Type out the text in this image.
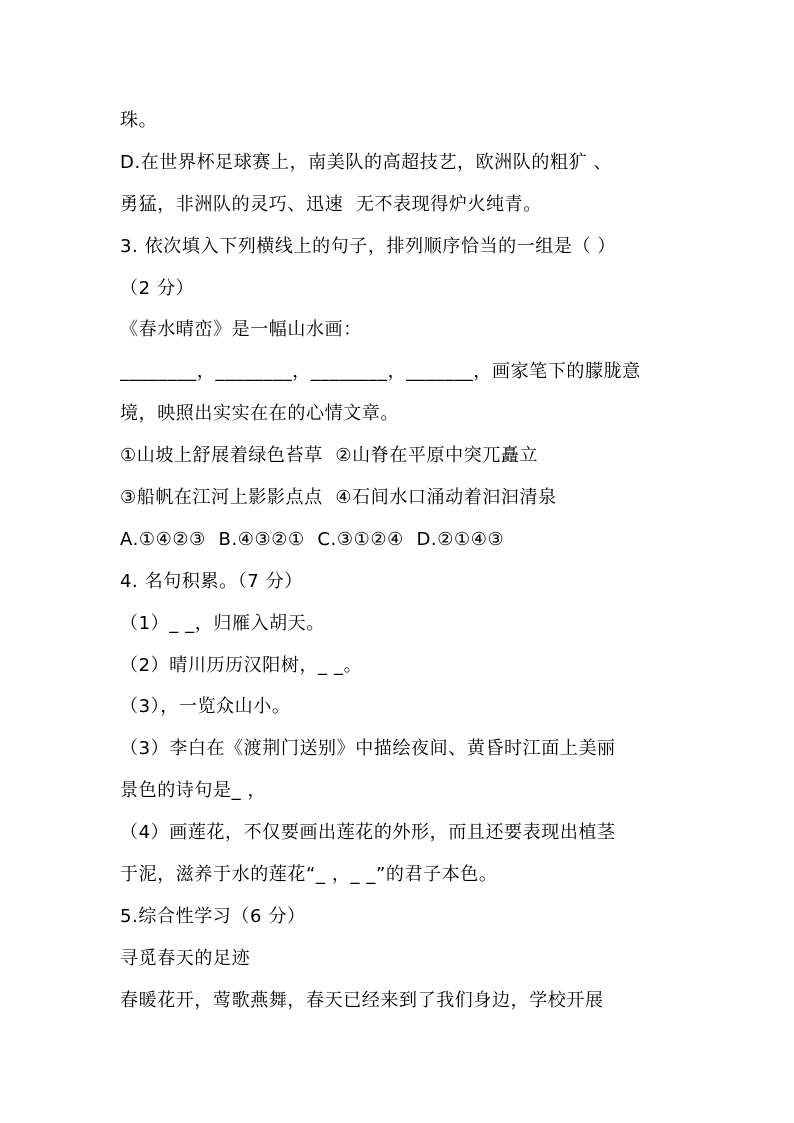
珠。
D.在世界杯足球赛上，南美队的高超技艺，欧洲队的粗犷 、
勇猛，非洲队的灵巧、迅速  无不表现得炉火纯青。
3. 依次填入下列横线上的句子，排列顺序恰当的一组是（ ）
（2 分）
《春水晴峦》是一幅山水画：
________，________，________，_______，画家笔下的朦胧意
境，映照出实实在在的心情文章。
①山坡上舒展着绿色苔草  ②山脊在平原中突兀矗立
③船帆在江河上影影点点  ④石间水口涌动着汩汩清泉
A.①④②③  B.④③②①  C.③①②④  D.②①④③
4. 名句积累。（7 分）
（1）_ _，归雁入胡天。
（2）晴川历历汉阳树，_ _。
（3），一览众山小。
（3）李白在《渡荆门送别》中描绘夜间、黄昏时江面上美丽
景色的诗句是_ ，
（4）画莲花，不仅要画出莲花的外形，而且还要表现出植茎
于泥，滋养于水的莲花“_ ，_ _”的君子本色。
5.综合性学习（6 分）
寻觅春天的足迹
春暖花开，莺歌燕舞，春天已经来到了我们身边，学校开展
